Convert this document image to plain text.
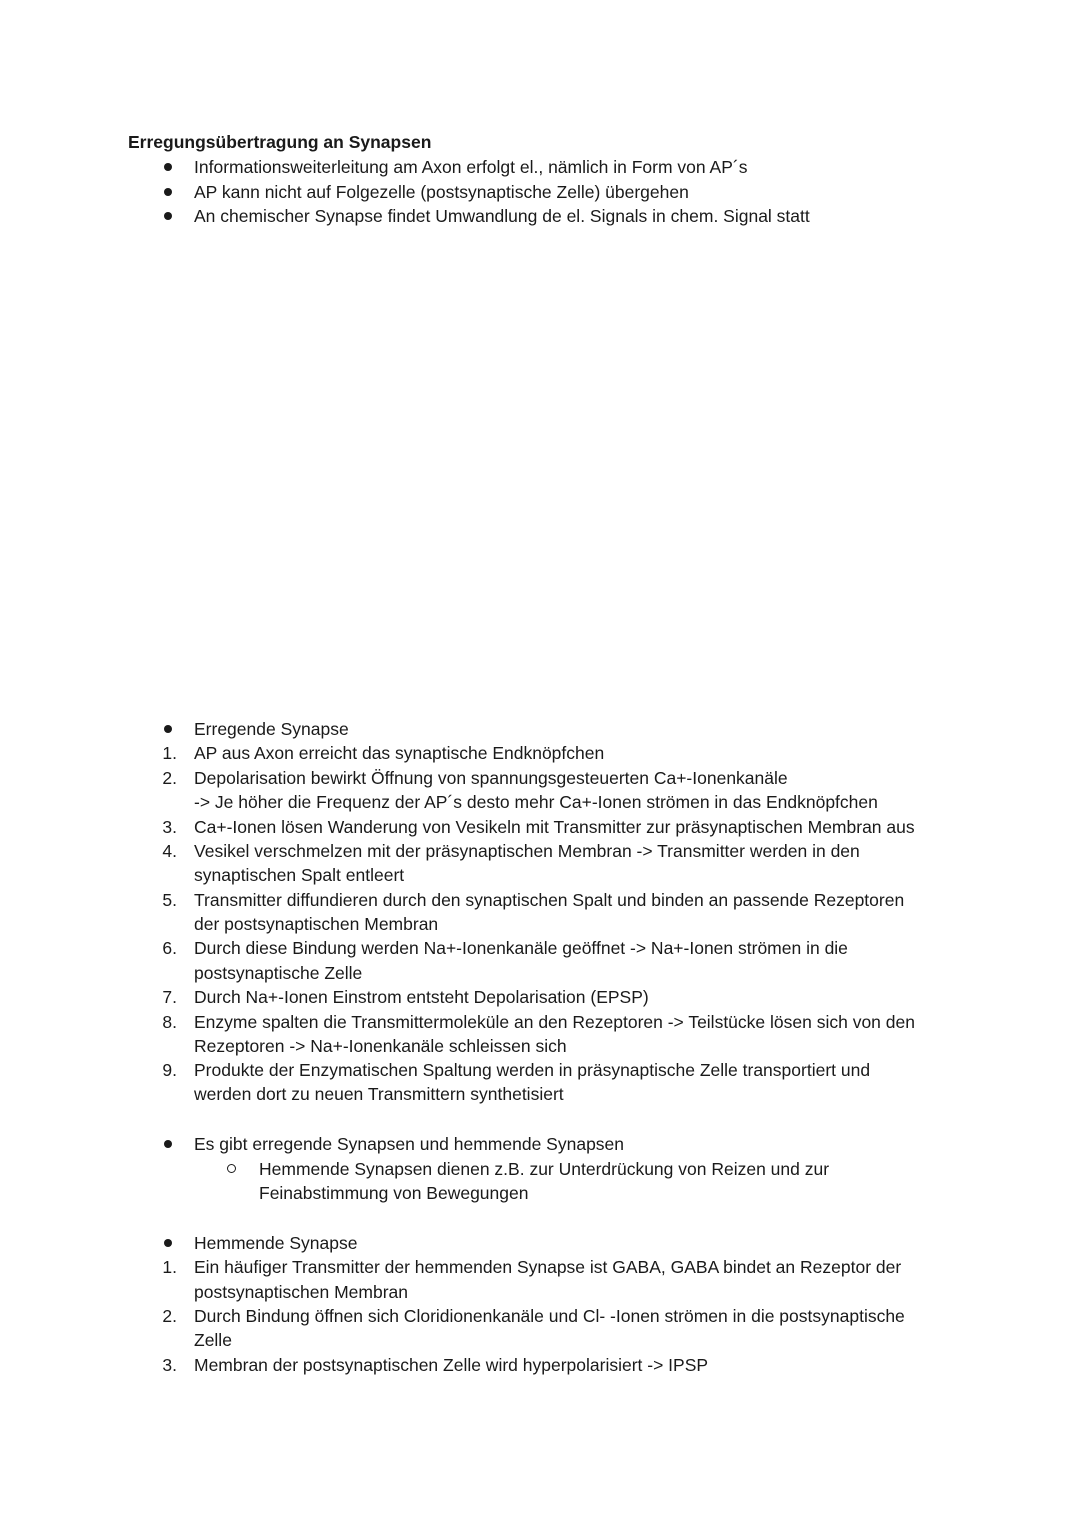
Erregungsübertragung an Synapsen
Informationsweiterleitung am Axon erfolgt el., nämlich in Form von AP´s
AP kann nicht auf Folgezelle (postsynaptische Zelle) übergehen
An chemischer Synapse findet Umwandlung de el. Signals in chem. Signal statt
Erregende Synapse
1. AP aus Axon erreicht das synaptische Endknöpfchen
2. Depolarisation bewirkt Öffnung von spannungsgesteuerten Ca+-Ionenkanäle
-> Je höher die Frequenz der AP´s desto mehr Ca+-Ionen strömen in das Endknöpfchen
3. Ca+-Ionen lösen Wanderung von Vesikeln mit Transmitter zur präsynaptischen Membran aus
4. Vesikel verschmelzen mit der präsynaptischen Membran -> Transmitter werden in den
synaptischen Spalt entleert
5. Transmitter diffundieren durch den synaptischen Spalt und binden an passende Rezeptoren
der postsynaptischen Membran
6. Durch diese Bindung werden Na+-Ionenkanäle geöffnet -> Na+-Ionen strömen in die
postsynaptische Zelle
7. Durch Na+-Ionen Einstrom entsteht Depolarisation (EPSP)
8. Enzyme spalten die Transmittermoleküle an den Rezeptoren -> Teilstücke lösen sich von den
Rezeptoren -> Na+-Ionenkanäle schleissen sich
9. Produkte der Enzymatischen Spaltung werden in präsynaptische Zelle transportiert und
werden dort zu neuen Transmittern synthetisiert
Es gibt erregende Synapsen und hemmende Synapsen
Hemmende Synapsen dienen z.B. zur Unterdrückung von Reizen und zur
Feinabstimmung von Bewegungen
Hemmende Synapse
1. Ein häufiger Transmitter der hemmenden Synapse ist GABA, GABA bindet an Rezeptor der
postsynaptischen Membran
2. Durch Bindung öffnen sich Cloridionenkanäle und Cl- -Ionen strömen in die postsynaptische
Zelle
3. Membran der postsynaptischen Zelle wird hyperpolarisiert -> IPSP
